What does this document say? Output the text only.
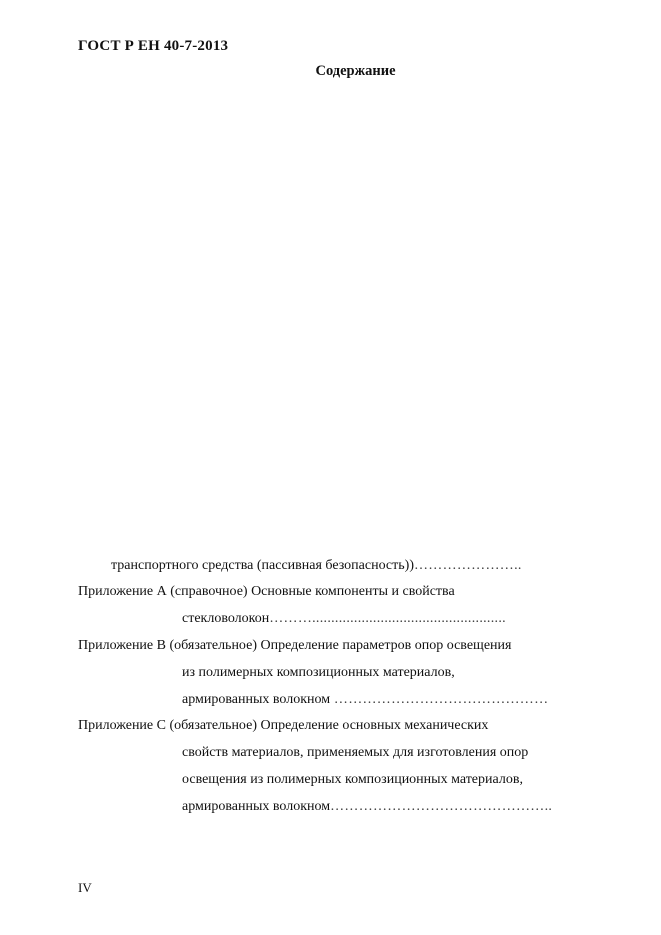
ГОСТ Р ЕН 40-7-2013
Содержание
транспортного средства (пассивная безопасность))…………………..
Приложение А (справочное) Основные компоненты и свойства
стекловолокон………...................................................
Приложение В (обязательное) Определение параметров опор освещения
из полимерных композиционных материалов,
армированных волокном ………………………………………
Приложение С (обязательное) Определение основных механических
свойств материалов, применяемых для изготовления опор
освещения из полимерных композиционных материалов,
армированных волокном………………………………………..
IV
